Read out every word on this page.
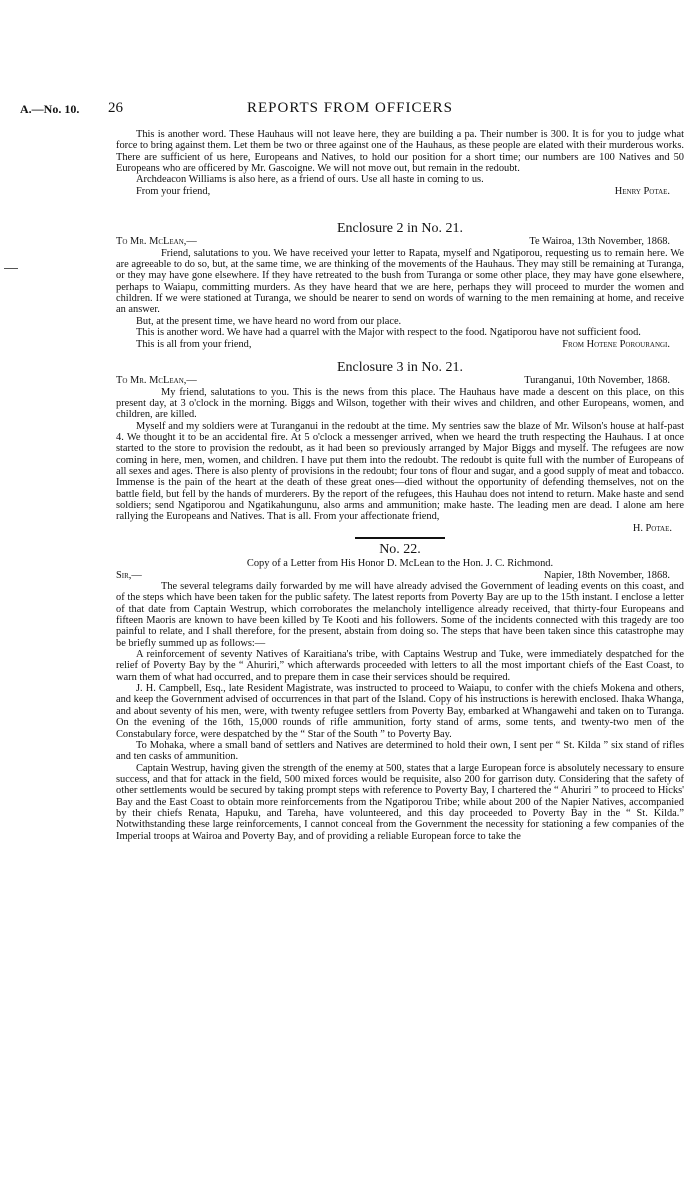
A.—No. 10. 26	REPORTS FROM OFFICERS

This is another word. These Hauhaus will not leave here, they are building a pa. Their number is 300. It is for you to judge what force to bring against them. Let them be two or three against one of the Hauhaus, as these people are elated with their murderous works. There are sufficient of us here, Europeans and Natives, to hold our position for a short time; our numbers are 100 Natives and 50 Europeans who are officered by Mr. Gascoigne. We will not move out, but remain in the redoubt.

Archdeacon Williams is also here, as a friend of ours. Use all haste in coming to us.

From your friend,	Henry Potae.
Enclosure 2 in No. 21.
To Mr. McLean,—	Te Wairoa, 13th November, 1868.

Friend, salutations to you. We have received your letter to Rapata, myself and Ngatiporou, requesting us to remain here. We are agreeable to do so, but, at the same time, we are thinking of the movements of the Hauhaus. They may still be remaining at Turanga, or they may have gone elsewhere. If they have retreated to the bush from Turanga or some other place, they may have gone elsewhere, perhaps to Waiapu, committing murders. As they have heard that we are here, perhaps they will proceed to murder the women and children. If we were stationed at Turanga, we should be nearer to send on words of warning to the men remaining at home, and receive an answer.

But, at the present time, we have heard no word from our place.

This is another word. We have had a quarrel with the Major with respect to the food. Ngatiporou have not sufficient food.

This is all from your friend,	From Hotene Porourangi.
Enclosure 3 in No. 21.
To Mr. McLean,—	Turanganui, 10th November, 1868.

My friend, salutations to you. This is the news from this place. The Hauhaus have made a descent on this place, on this present day, at 3 o'clock in the morning. Biggs and Wilson, together with their wives and children, and other Europeans, women, and children, are killed.

Myself and my soldiers were at Turanganui in the redoubt at the time. My sentries saw the blaze of Mr. Wilson's house at half-past 4. We thought it to be an accidental fire. At 5 o'clock a messenger arrived, when we heard the truth respecting the Hauhaus. I at once started to the store to provision the redoubt, as it had been so previously arranged by Major Biggs and myself. The refugees are now coming in here, men, women, and children. I have put them into the redoubt. The redoubt is quite full with the number of Europeans of all sexes and ages. There is also plenty of provisions in the redoubt; four tons of flour and sugar, and a good supply of meat and tobacco. Immense is the pain of the heart at the death of these great ones—died without the opportunity of defending themselves, not on the battle field, but fell by the hands of murderers. By the report of the refugees, this Hauhau does not intend to return. Make haste and send soldiers; send Ngatiporou and Ngatikahungunu, also arms and ammunition; make haste. The leading men are dead. I alone am here rallying the Europeans and Natives. That is all. From your affectionate friend,

H. Potae.
No. 22.

Copy of a Letter from His Honor D. McLean to the Hon. J. C. Richmond.

Sir,—	Napier, 18th November, 1868.

The several telegrams daily forwarded by me will have already advised the Government of leading events on this coast, and of the steps which have been taken for the public safety. The latest reports from Poverty Bay are up to the 15th instant. I enclose a letter of that date from Captain Westrup, which corroborates the melancholy intelligence already received, that thirty-four Europeans and fifteen Maoris are known to have been killed by Te Kooti and his followers. Some of the incidents connected with this tragedy are too painful to relate, and I shall therefore, for the present, abstain from doing so. The steps that have been taken since this catastrophe may be briefly summed up as follows:—

A reinforcement of seventy Natives of Karaitiana's tribe, with Captains Westrup and Tuke, were immediately despatched for the relief of Poverty Bay by the “ Ahuriri,” which afterwards proceeded with letters to all the most important chiefs of the East Coast, to warn them of what had occurred, and to prepare them in case their services should be required.

J. H. Campbell, Esq., late Resident Magistrate, was instructed to proceed to Waiapu, to confer with the chiefs Mokena and others, and keep the Government advised of occurrences in that part of the Island. Copy of his instructions is herewith enclosed. Ihaka Whanga, and about seventy of his men, were, with twenty refugee settlers from Poverty Bay, embarked at Whangawehi and taken on to Turanga. On the evening of the 16th, 15,000 rounds of rifle ammunition, forty stand of arms, some tents, and twenty-two men of the Constabulary force, were despatched by the “ Star of the South ” to Poverty Bay.

To Mohaka, where a small band of settlers and Natives are determined to hold their own, I sent per “ St. Kilda ” six stand of rifles and ten casks of ammunition.

Captain Westrup, having given the strength of the enemy at 500, states that a large European force is absolutely necessary to ensure success, and that for attack in the field, 500 mixed forces would be requisite, also 200 for garrison duty. Considering that the safety of other settlements would be secured by taking prompt steps with reference to Poverty Bay, I chartered the “ Ahuriri ” to proceed to Hicks' Bay and the East Coast to obtain more reinforcements from the Ngatiporou Tribe; while about 200 of the Napier Natives, accompanied by their chiefs Renata, Hapuku, and Tareha, have volunteered, and this day proceeded to Poverty Bay in the “ St. Kilda.” Notwithstanding these large reinforcements, I cannot conceal from the Government the necessity for stationing a few companies of the Imperial troops at Wairoa and Poverty Bay, and of providing a reliable European force to take the
